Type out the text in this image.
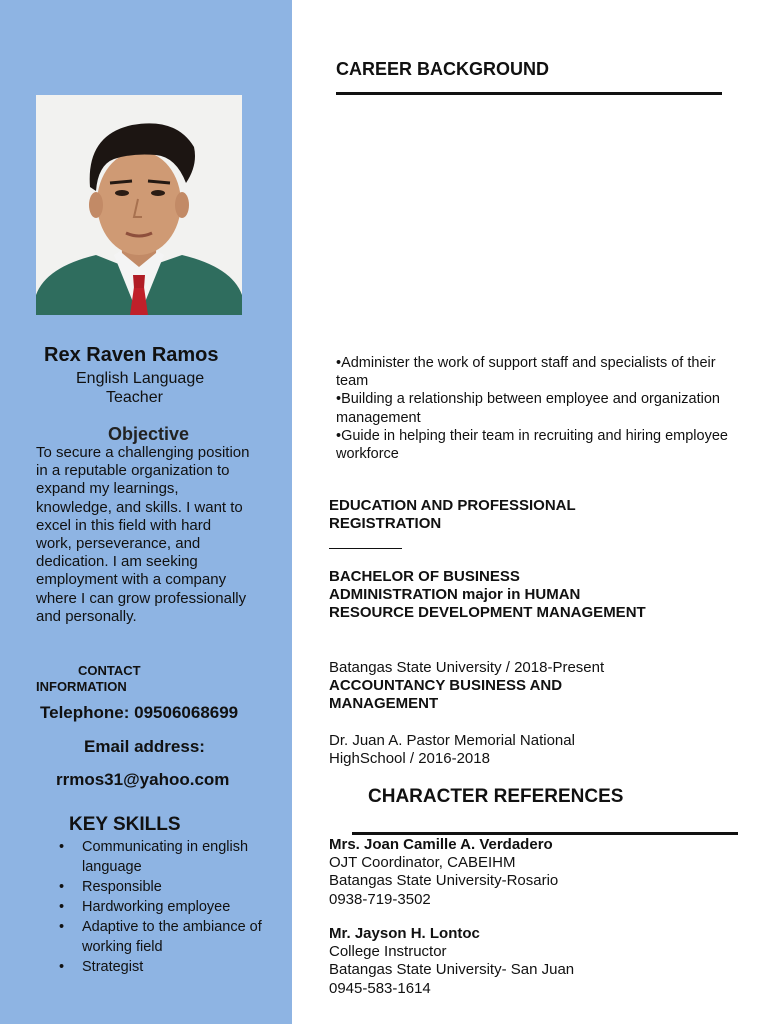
Rex Raven Ramos
English Language
Teacher
Objective
To secure a challenging position in a reputable organization to expand my learnings, knowledge, and skills. I want to excel in this field with hard work, perseverance, and dedication. I am seeking employment with a company where I can grow professionally and personally.
CONTACT
INFORMATION
Telephone: 09506068699
Email address:
rrmos31@yahoo.com
KEY SKILLS
• Communicating in english language
• Responsible
• Hardworking employee
• Adaptive to the ambiance of working field
• Strategist
CAREER BACKGROUND
•Administer the work of support staff and specialists of their team
•Building a relationship between employee and organization management
•Guide in helping their team in recruiting and hiring employee workforce
EDUCATION AND PROFESSIONAL REGISTRATION
BACHELOR OF BUSINESS ADMINISTRATION major in HUMAN RESOURCE DEVELOPMENT MANAGEMENT
Batangas State University / 2018-Present
ACCOUNTANCY BUSINESS AND MANAGEMENT
Dr. Juan A. Pastor Memorial National HighSchool / 2016-2018
CHARACTER REFERENCES
Mrs. Joan Camille A. Verdadero
OJT Coordinator, CABEIHM
Batangas State University-Rosario
0938-719-3502
Mr. Jayson H. Lontoc
College Instructor
Batangas State University- San Juan
0945-583-1614
